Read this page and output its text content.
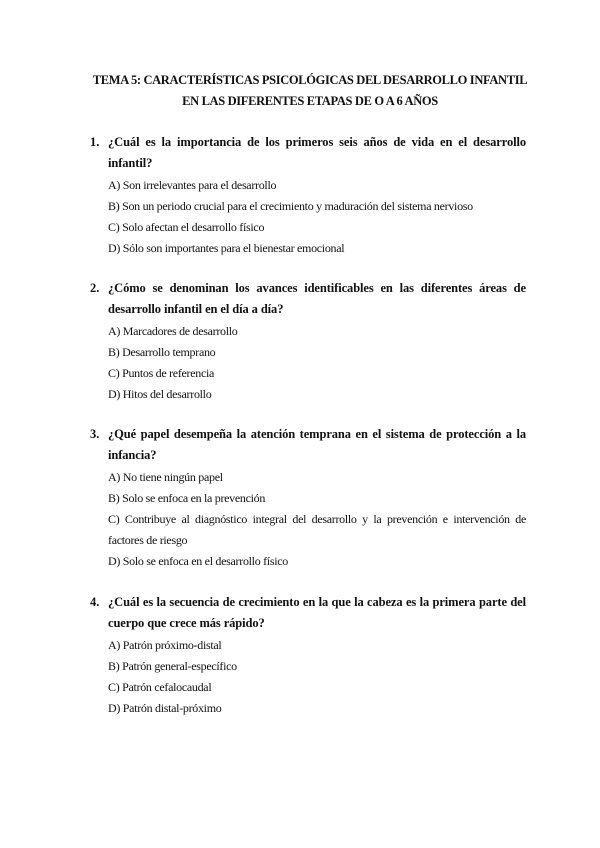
TEMA 5: CARACTERÍSTICAS PSICOLÓGICAS DEL DESARROLLO INFANTIL
EN LAS DIFERENTES ETAPAS DE O A 6 AÑOS
1. ¿Cuál es la importancia de los primeros seis años de vida en el desarrollo infantil?
A) Son irrelevantes para el desarrollo
B) Son un periodo crucial para el crecimiento y maduración del sistema nervioso
C) Solo afectan el desarrollo físico
D) Sólo son importantes para el bienestar emocional
2. ¿Cómo se denominan los avances identificables en las diferentes áreas de desarrollo infantil en el día a día?
A) Marcadores de desarrollo
B) Desarrollo temprano
C) Puntos de referencia
D) Hitos del desarrollo
3. ¿Qué papel desempeña la atención temprana en el sistema de protección a la infancia?
A) No tiene ningún papel
B) Solo se enfoca en la prevención
C) Contribuye al diagnóstico integral del desarrollo y la prevención e intervención de factores de riesgo
D) Solo se enfoca en el desarrollo físico
4. ¿Cuál es la secuencia de crecimiento en la que la cabeza es la primera parte del cuerpo que crece más rápido?
A) Patrón próximo-distal
B) Patrón general-específico
C) Patrón cefalocaudal
D) Patrón distal-próximo
